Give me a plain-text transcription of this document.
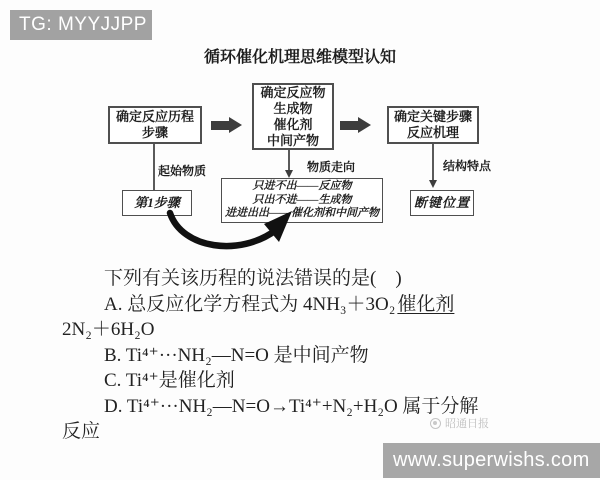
TG: MYYJJPP
循环催化机理思维模型认知
确定反应历程
步骤
确定反应物
生成物
催化剂
中间产物
确定关键步骤
反应机理
起始物质	物质走向	结构特点
第1步骤
只进不出——反应物
只出不进——生成物
进进出出——催化剂和中间产物
断键位置
下列有关该历程的说法错误的是(　)
A. 总反应化学方程式为 4NH₃＋3O₂ 催化剂
2N₂＋6H₂O
B. Ti⁴⁺···NH₂—N=O 是中间产物
C. Ti⁴⁺是催化剂
D. Ti⁴⁺···NH₂—N=O→Ti⁴⁺+N₂+H₂O 属于分解
反应	昭通日报
www.superwishs.com
